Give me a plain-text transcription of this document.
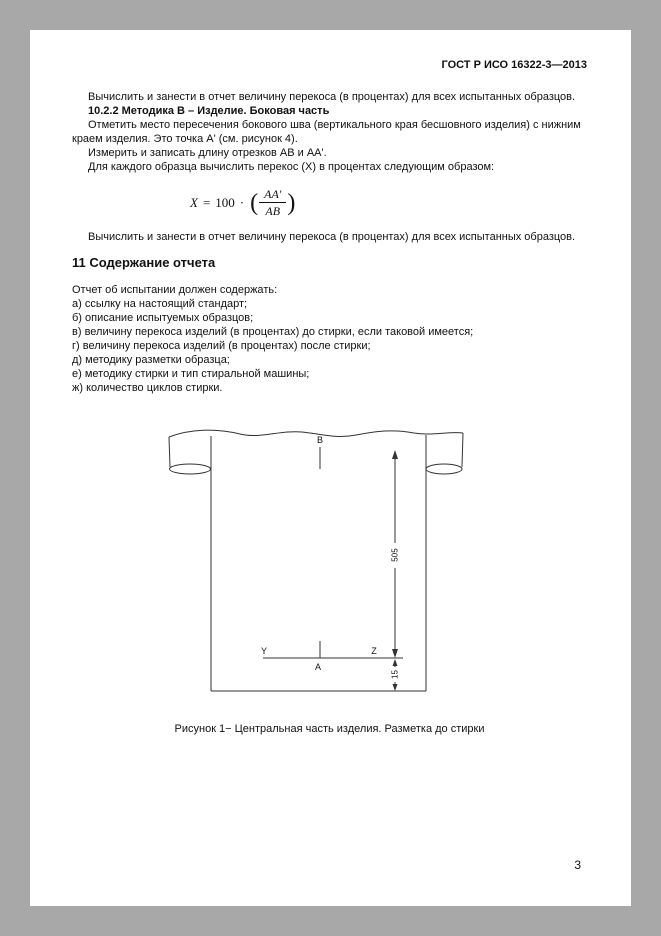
ГОСТ Р ИСО 16322-3—2013

Вычислить и занести в отчет величину перекоса (в процентах) для всех испытанных образцов.

10.2.2 Методика В – Изделие. Боковая часть

Отметить место пересечения бокового шва (вертикального края бесшовного изделия) с нижним краем изделия. Это точка А' (см. рисунок 4).

Измерить и записать длину отрезков АВ и АА'.

Для каждого образца вычислить перекос (X) в процентах следующим образом:

X = 100 · ( $\frac{AA'}{AB}$ )

Вычислить и занести в отчет величину перекоса (в процентах) для всех испытанных образцов.

11 Содержание отчета

Отчет об испытании должен содержать:

а) ссылку на настоящий стандарт;

б) описание испытуемых образцов;

в) величину перекоса изделий (в процентах) до стирки, если таковой имеется;

г) величину перекоса изделий (в процентах) после стирки;

д) методику разметки образца;

е) методику стирки и тип стиральной машины;

ж) количество циклов стирки.

B
Y
A
Z
505
15

Рисунок 1− Центральная часть изделия. Разметка до стирки

3
